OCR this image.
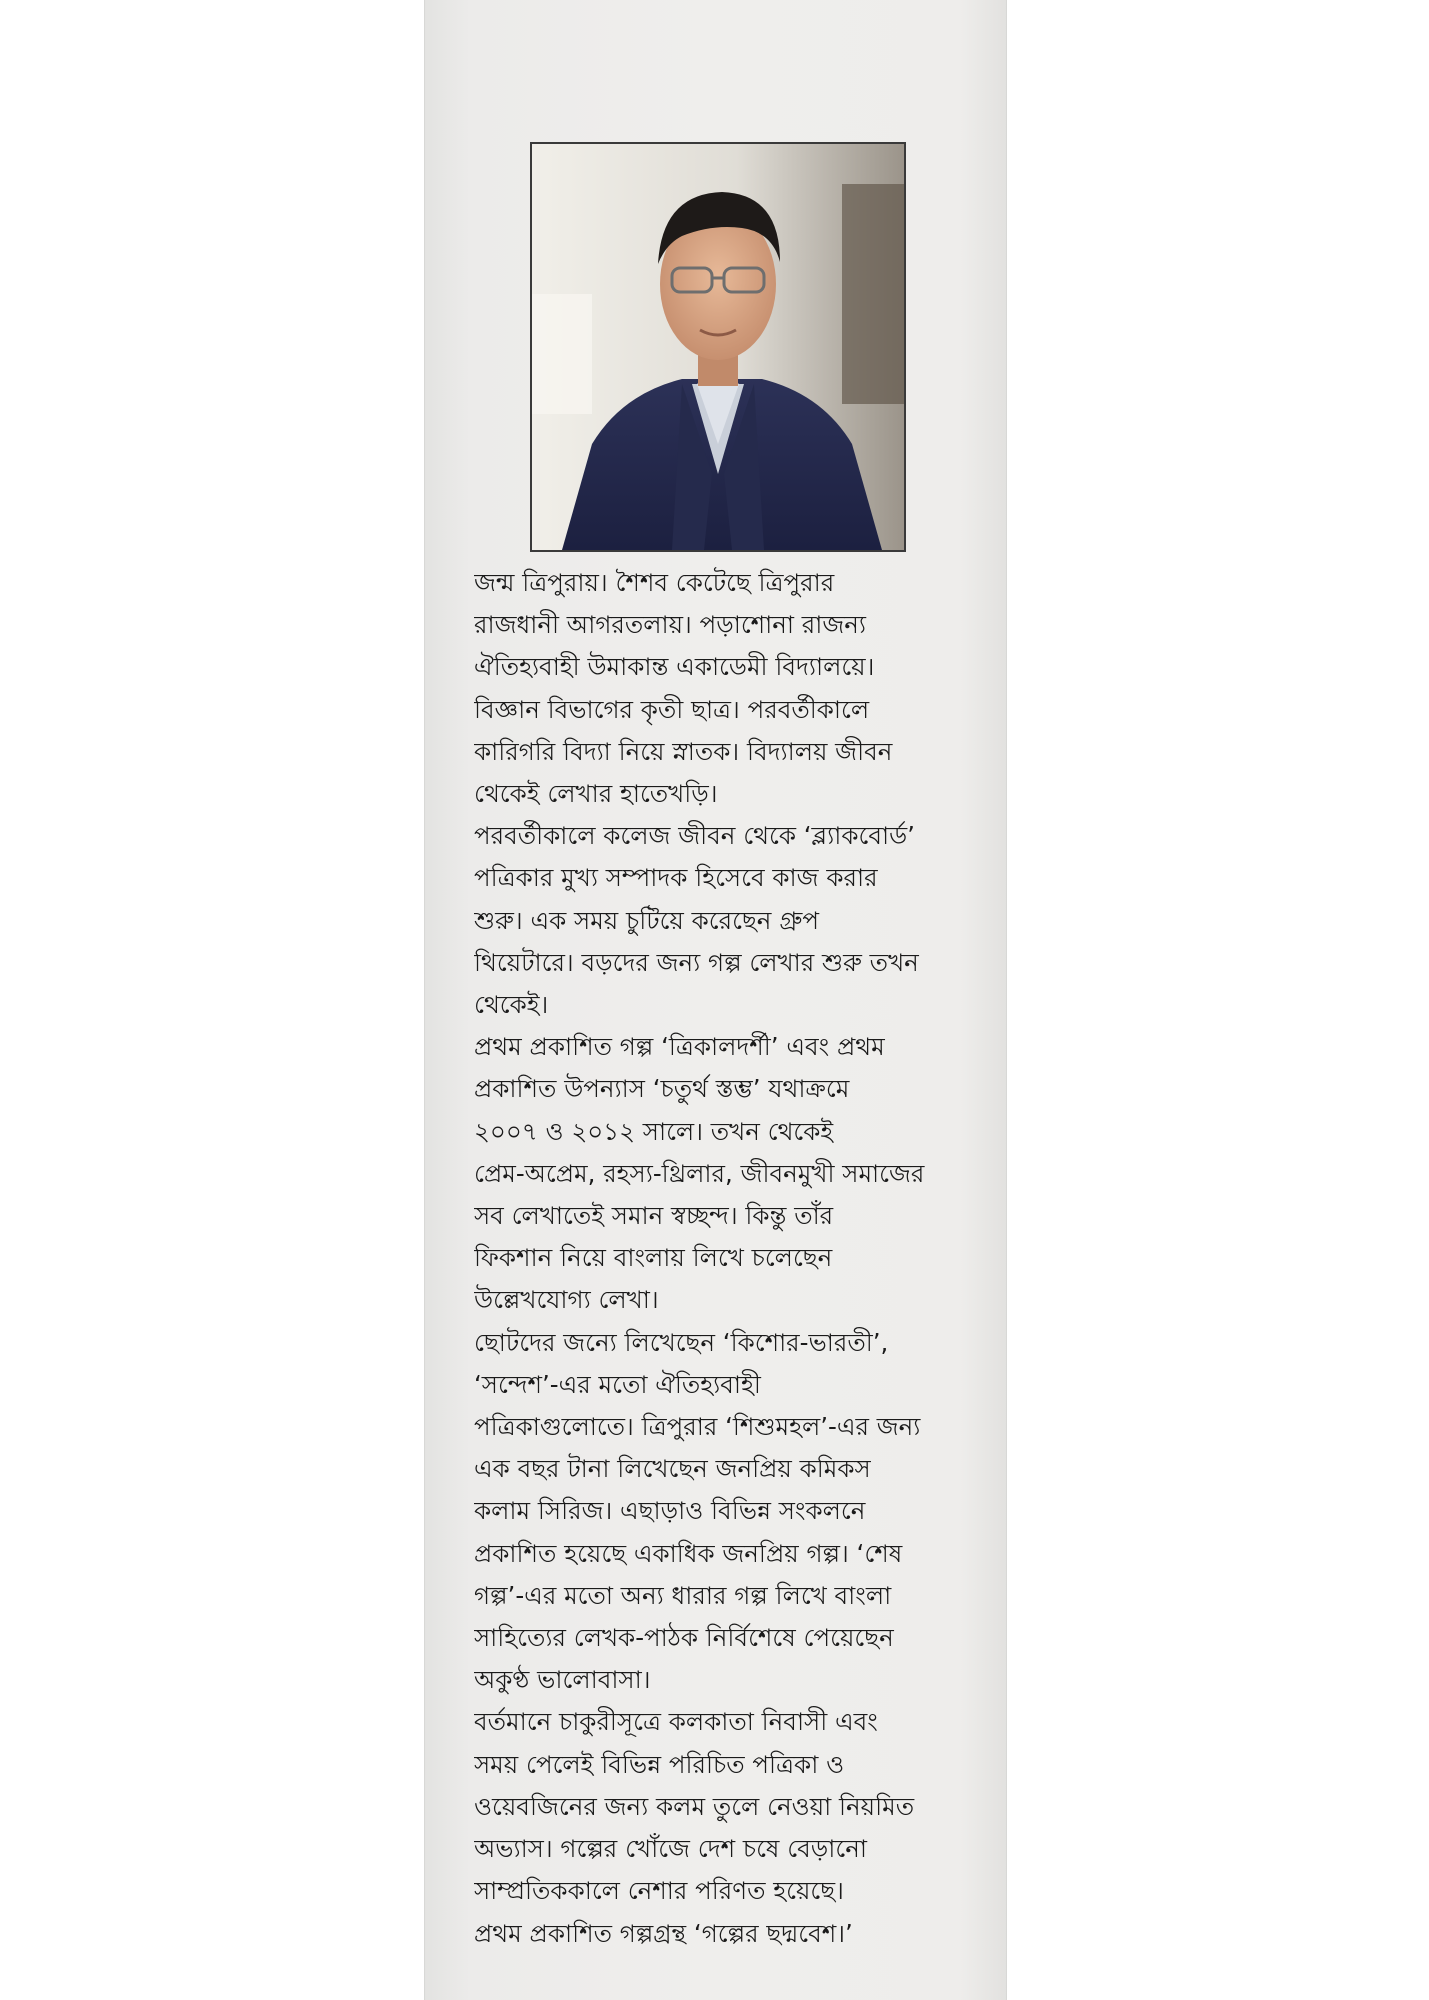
জন্ম ত্রিপুরায়। শৈশব কেটেছে ত্রিপুরার
রাজধানী আগরতলায়। পড়াশোনা রাজন্য
ঐতিহ্যবাহী উমাকান্ত একাডেমী বিদ্যালয়ে।
বিজ্ঞান বিভাগের কৃতী ছাত্র। পরবর্তীকালে
কারিগরি বিদ্যা নিয়ে স্নাতক। বিদ্যালয় জীবন
থেকেই লেখার হাতেখড়ি।
পরবর্তীকালে কলেজ জীবন থেকে ‘ব্ল্যাকবোর্ড’
পত্রিকার মুখ্য সম্পাদক হিসেবে কাজ করার
শুরু। এক সময় চুটিয়ে করেছেন গ্রুপ
থিয়েটারে। বড়দের জন্য গল্প লেখার শুরু তখন
থেকেই।
প্রথম প্রকাশিত গল্প ‘ত্রিকালদর্শী’ এবং প্রথম
প্রকাশিত উপন্যাস ‘চতুর্থ স্তম্ভ’ যথাক্রমে
২০০৭ ও ২০১২ সালে। তখন থেকেই
প্রেম-অপ্রেম, রহস্য-থ্রিলার, জীবনমুখী সমাজের
সব লেখাতেই সমান স্বচ্ছন্দ। কিন্তু তাঁর
ফিকশান নিয়ে বাংলায় লিখে চলেছেন
উল্লেখযোগ্য লেখা।
ছোটদের জন্যে লিখেছেন ‘কিশোর-ভারতী’,
‘সন্দেশ’-এর মতো ঐতিহ্যবাহী
পত্রিকাগুলোতে। ত্রিপুরার ‘শিশুমহল’-এর জন্য
এক বছর টানা লিখেছেন জনপ্রিয় কমিকস
কলাম সিরিজ। এছাড়াও বিভিন্ন সংকলনে
প্রকাশিত হয়েছে একাধিক জনপ্রিয় গল্প। ‘শেষ
গল্প’-এর মতো অন্য ধারার গল্প লিখে বাংলা
সাহিত্যের লেখক-পাঠক নির্বিশেষে পেয়েছেন
অকুণ্ঠ ভালোবাসা।
বর্তমানে চাকুরীসূত্রে কলকাতা নিবাসী এবং
সময় পেলেই বিভিন্ন পরিচিত পত্রিকা ও
ওয়েবজিনের জন্য কলম তুলে নেওয়া নিয়মিত
অভ্যাস। গল্পের খোঁজে দেশ চষে বেড়ানো
সাম্প্রতিককালে নেশার পরিণত হয়েছে।
প্রথম প্রকাশিত গল্পগ্রন্থ ‘গল্পের ছদ্মবেশ।’
